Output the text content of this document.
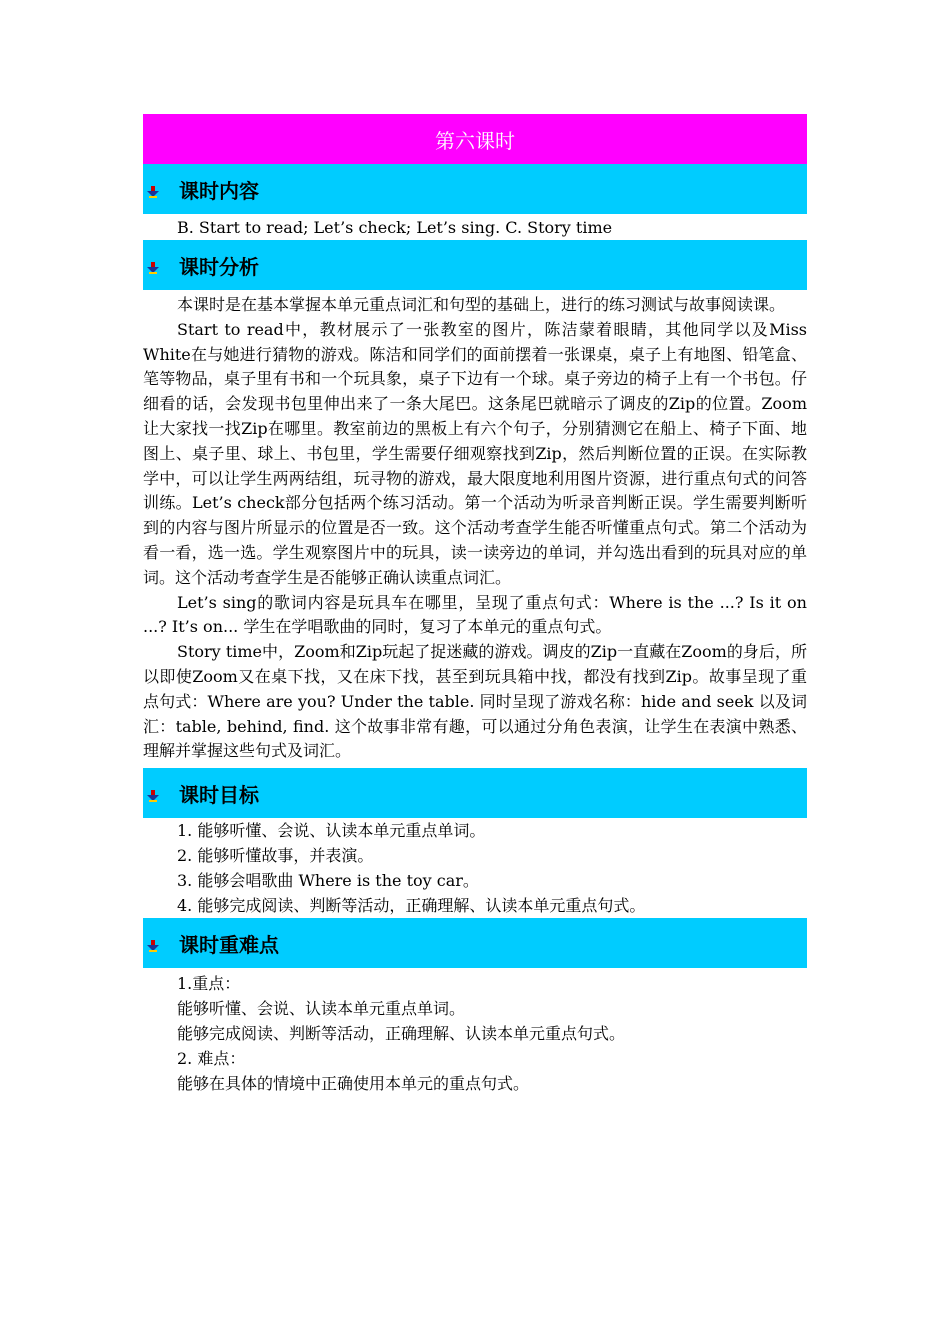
第六课时
课时内容

B. Start to read; Let’s check; Let’s sing. C. Story time

课时分析

本课时是在基本掌握本单元重点词汇和句型的基础上，进行的练习测试与故事阅读课。

Start to read中，教材展示了一张教室的图片，陈洁蒙着眼睛，其他同学以及Miss White在与她进行猜物的游戏。陈洁和同学们的面前摆着一张课桌，桌子上有地图、铅笔盒、笔等物品，桌子里有书和一个玩具象，桌子下边有一个球。桌子旁边的椅子上有一个书包。仔细看的话，会发现书包里伸出来了一条大尾巴。这条尾巴就暗示了调皮的Zip的位置。Zoom让大家找一找Zip在哪里。教室前边的黑板上有六个句子，分别猜测它在船上、椅子下面、地图上、桌子里、球上、书包里，学生需要仔细观察找到Zip，然后判断位置的正误。在实际教学中，可以让学生两两结组，玩寻物的游戏，最大限度地利用图片资源，进行重点句式的问答训练。Let’s check部分包括两个练习活动。第一个活动为听录音判断正误。学生需要判断听到的内容与图片所显示的位置是否一致。这个活动考查学生能否听懂重点句式。第二个活动为看一看，选一选。学生观察图片中的玩具，读一读旁边的单词，并勾选出看到的玩具对应的单词。这个活动考查学生是否能够正确认读重点词汇。

Let’s sing的歌词内容是玩具车在哪里，呈现了重点句式：Where is the ...? Is it on ...? It’s on... 学生在学唱歌曲的同时，复习了本单元的重点句式。

Story time中，Zoom和Zip玩起了捉迷藏的游戏。调皮的Zip一直藏在Zoom的身后，所以即使Zoom又在桌下找，又在床下找，甚至到玩具箱中找，都没有找到Zip。故事呈现了重点句式：Where are you? Under the table. 同时呈现了游戏名称：hide and seek 以及词汇：table, behind, find. 这个故事非常有趣，可以通过分角色表演，让学生在表演中熟悉、理解并掌握这些句式及词汇。

课时目标

1. 能够听懂、会说、认读本单元重点单词。

2. 能够听懂故事，并表演。

3. 能够会唱歌曲 Where is the toy car。

4. 能够完成阅读、判断等活动，正确理解、认读本单元重点句式。

课时重难点

1.重点：

能够听懂、会说、认读本单元重点单词。

能够完成阅读、判断等活动，正确理解、认读本单元重点句式。

2. 难点：

能够在具体的情境中正确使用本单元的重点句式。
